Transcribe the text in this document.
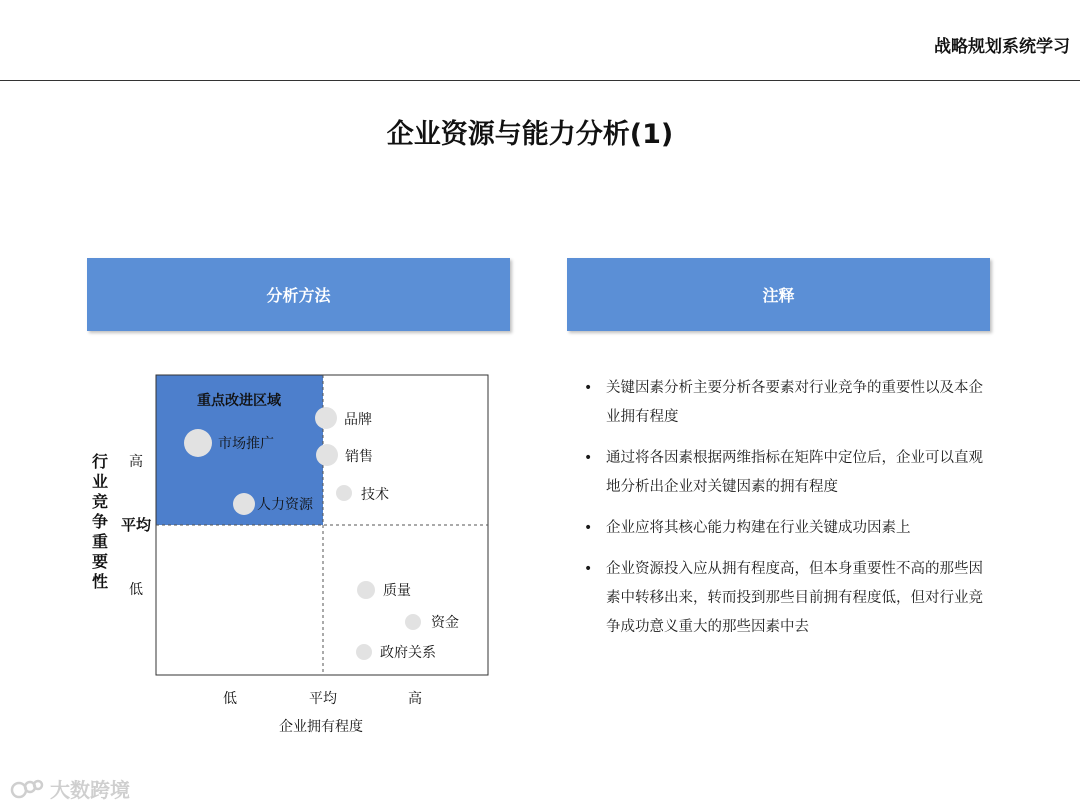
战略规划系统学习
企业资源与能力分析(1)
分析方法	注释
重点改进区域
品牌
市场推广
销售
技术
人力资源
质量
资金
政府关系
高
平均
低
行
业
竞
争
重
要
性
低	平均	高
企业拥有程度
• 关键因素分析主要分析各要素对行业竞争的重要性以及本企业拥有程度
• 通过将各因素根据两维指标在矩阵中定位后，企业可以直观地分析出企业对关键因素的拥有程度
• 企业应将其核心能力构建在行业关键成功因素上
• 企业资源投入应从拥有程度高，但本身重要性不高的那些因素中转移出来，转而投到那些目前拥有程度低，但对行业竞争成功意义重大的那些因素中去
大数跨境
